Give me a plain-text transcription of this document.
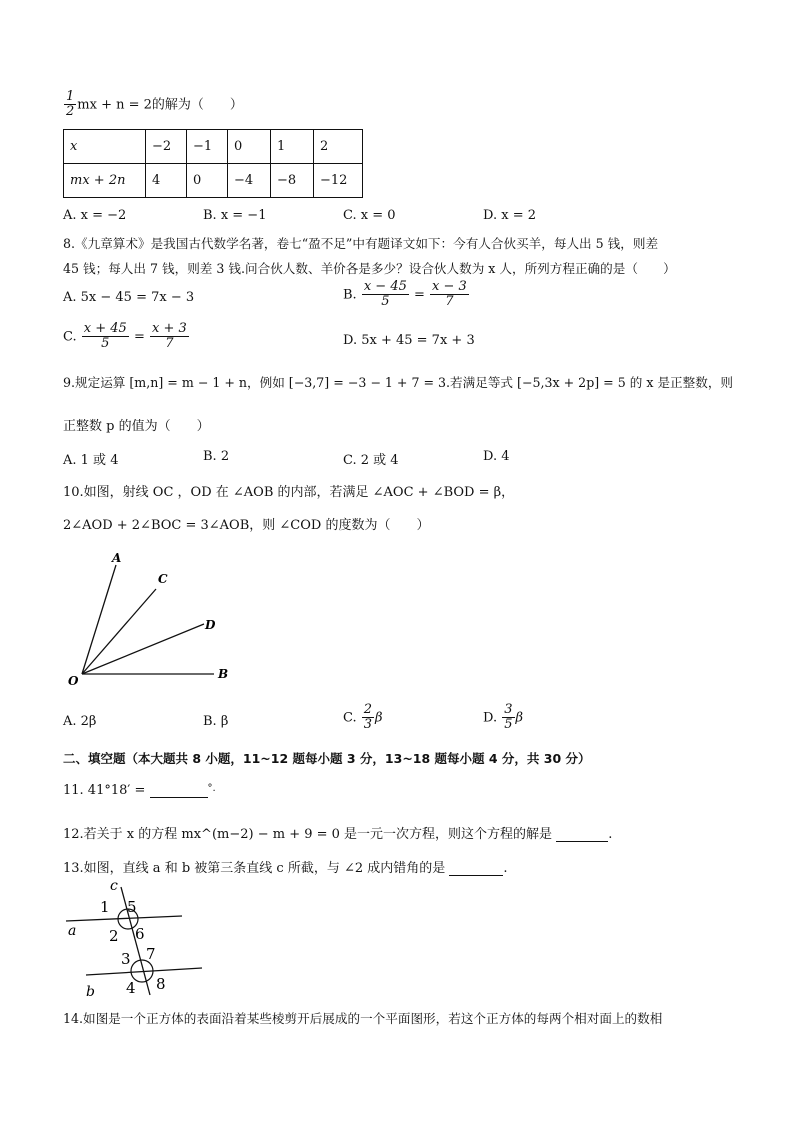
$\frac{1}{2}$ mx + n = 2的解为（　　）
x	−2	−1	0	1	2
mx + 2n	4	0	−4	−8	−12
A. x = −2	B. x = −1	C. x = 0	D. x = 2
8.《九章算术》是我国古代数学名著，卷七“盈不足”中有题译文如下：今有人合伙买羊，每人出 5 钱，则差
45 钱；每人出 7 钱，则差 3 钱.问合伙人数、羊价各是多少？设合伙人数为 x 人，所列方程正确的是（　　）
A. 5x − 45 = 7x − 3	B. $\frac{x - 45}{5} = \frac{x - 3}{7}$
C. $\frac{x + 45}{5} = \frac{x + 3}{7}$	D. 5x + 45 = 7x + 3
9.规定运算 [m,n] = m − 1 + n，例如 [−3,7] = −3 − 1 + 7 = 3.若满足等式 [−5,3x + 2p] = 5 的 x 是正整数，则
正整数 p 的值为（　　）
A. 1 或 4	B. 2	C. 2 或 4	D. 4
10.如图，射线 OC ，OD 在 ∠AOB 的内部，若满足 ∠AOC + ∠BOD = β，
2∠AOD + 2∠BOC = 3∠AOB，则 ∠COD 的度数为（　　）
A
C
D
B
O
A. 2β	B. β	C. $\frac{2}{3}$ β	D. $\frac{3}{5}$ β
二、填空题（本大题共 8 小题，11~12 题每小题 3 分，13~18 题每小题 4 分，共 30 分）
11. 41°18′ =	°.
12.若关于 x 的方程 mx^(m−2) − m + 9 = 0 是一元一次方程，则这个方程的解是	.
13.如图，直线 a 和 b 被第三条直线 c 所截，与 ∠2 成内错角的是	.
c
1 5
a 2 6
3 7
b 4 8
14.如图是一个正方体的表面沿着某些棱剪开后展成的一个平面图形，若这个正方体的每两个相对面上的数相
